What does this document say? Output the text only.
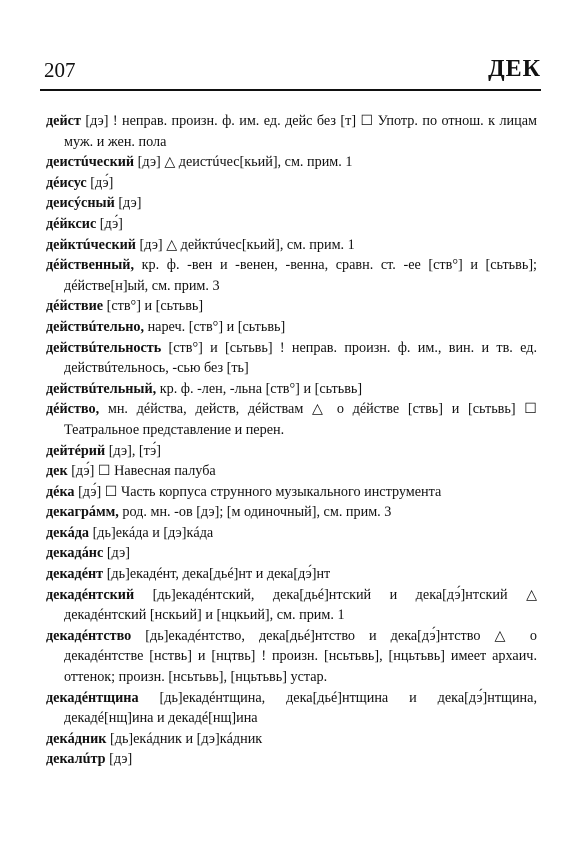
207	ДЕК

дейст [дэ] ! неправ. произн. ф. им. ед. дейс без [т] ☐ Употр. по отнош. к лицам муж. и жен. пола

деистúческий [дэ] △ деистúчес[кьий], см. прим. 1

дéисус [дэ́]

деисýсный [дэ]

дéйксис [дэ́]

дейктúческий [дэ] △ дейктúчес[кьий], см. прим. 1

дéйственный, кр. ф. -вен и -венен, -венна, сравн. ст. -ее [ств°] и [сьтьвь]; дéйстве[н]ый, см. прим. 3

дéйствие [ств°] и [сьтьвь]

действúтельно, нареч. [ств°] и [сьтьвь]

действúтельность [ств°] и [сьтьвь] ! неправ. произн. ф. им., вин. и тв. ед. действúтельнось, -сью без [ть]

действúтельный, кр. ф. -лен, -льна [ств°] и [сьтьвь]

дéйство, мн. дéйства, действ, дéйствам △ о дéйстве [ствь] и [сьтьвь] ☐ Театральное представление и перен.

дейтéрий [дэ], [тэ́]

дек [дэ́] ☐ Навесная палуба

дéка [дэ́] ☐ Часть корпуса струнного музыкального инструмента

декагрáмм, род. мн. -ов [дэ]; [м одиночный], см. прим. 3

декáда [дь]екáда и [дэ]кáда

декадáнс [дэ]

декадéнт [дь]екадéнт, дека[дьé]нт и дека[дэ́]нт

декадéнтский [дь]екадéнтский, дека[дьé]нтский и дека[дэ́]нтский △ декадéнтский [нскьий] и [нцкьий], см. прим. 1

декадéнтство [дь]екадéнтство, дека[дьé]нтство и дека[дэ́]нтство △ о декадéнтстве [нствь] и [нцтвь] ! произн. [нсьтьвь], [нцьтьвь] имеет архаич. оттенок; произн. [нсьтьвь], [нцьтьвь] устар.

декадéнтщина [дь]екадéнтщина, дека[дьé]нтщина и дека[дэ́]нтщина, декадé[нщ]ина и декадé[нщ]ина

декáдник [дь]екáдник и [дэ]кáдник

декалúтр [дэ]
